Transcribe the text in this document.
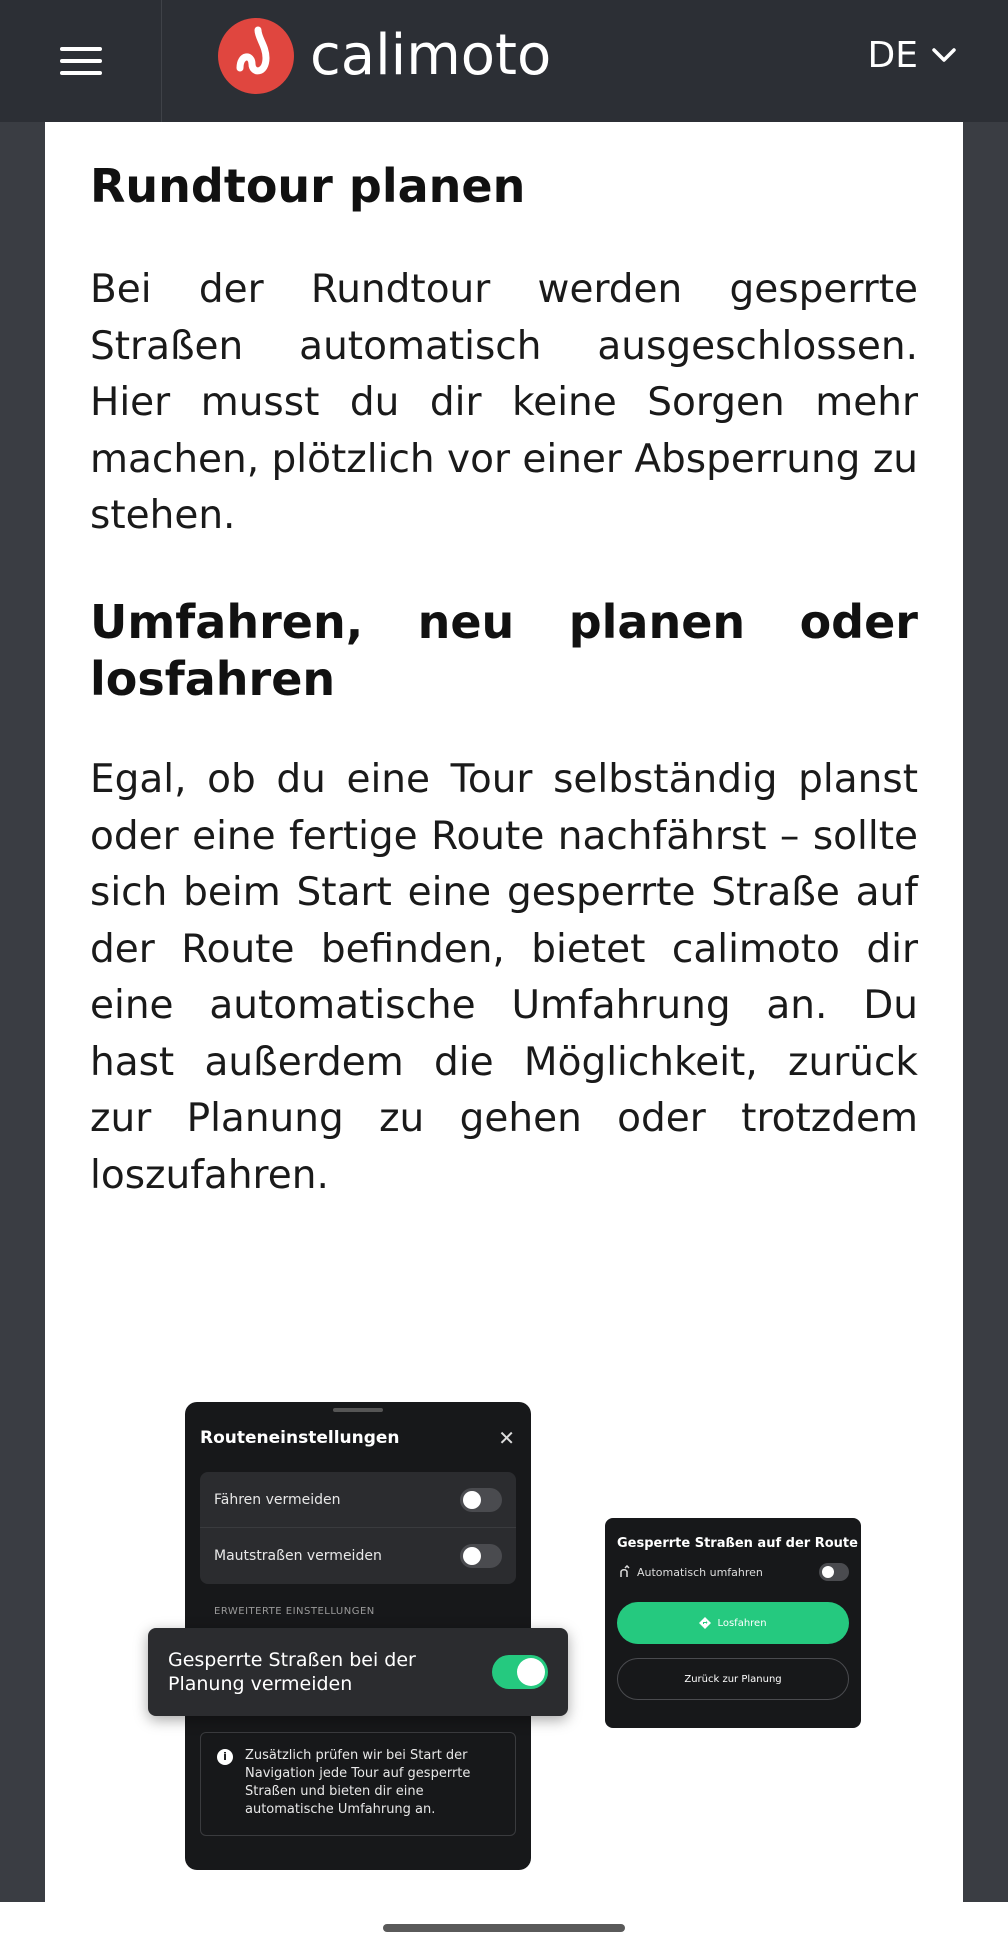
calimoto	DE
Rundtour planen

Bei der Rundtour werden gesperrte Straßen automatisch ausgeschlossen. Hier musst du dir keine Sorgen mehr machen, plötzlich vor einer Absperrung zu stehen.

Umfahren, neu planen oder losfahren

Egal, ob du eine Tour selbständig planst oder eine fertige Route nachfährst – sollte sich beim Start eine gesperrte Straße auf der Route befinden, bietet calimoto dir eine automatische Umfahrung an. Du hast außerdem die Möglichkeit, zurück zur Planung zu gehen oder trotzdem loszufahren.

Routeneinstellungen	✕
Fähren vermeiden
Mautstraßen vermeiden
ERWEITERTE EINSTELLUNGEN
i	Zusätzlich prüfen wir bei Start der Navigation jede Tour auf gesperrte Straßen und bieten dir eine automatische Umfahrung an.
Gesperrte Straßen bei der Planung vermeiden
Gesperrte Straßen auf der Route
Automatisch umfahren
Losfahren
Zurück zur Planung
